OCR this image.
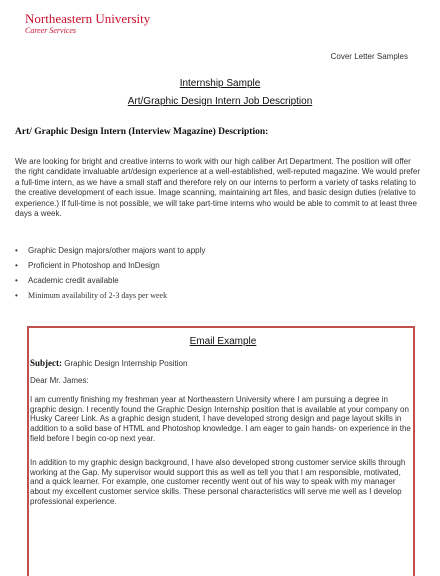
Northeastern University
Career Services
Cover Letter Samples
Internship Sample
Art/Graphic Design Intern Job Description
Art/ Graphic Design Intern (Interview Magazine) Description:

We are looking for bright and creative interns to work with our high caliber Art Department. The position will offer the right candidate invaluable art/design experience at a well-established, well-reputed magazine. We would prefer a full-time intern, as we have a small staff and therefore rely on our interns to perform a variety of tasks relating to the creative development of each issue. Image scanning, maintaining art files, and basic design duties (relative to experience.) If full-time is not possible, we will take part-time interns who would be able to commit to at least three days a week.

•	Graphic Design majors/other majors want to apply
•	Proficient in Photoshop and InDesign
•	Academic credit available
•	Minimum availability of 2-3 days per week
Email Example
Subject: Graphic Design Internship Position
Dear Mr. James:

I am currently finishing my freshman year at Northeastern University where I am pursuing a degree in graphic design. I recently found the Graphic Design Internship position that is available at your company on Husky Career Link. As a graphic design student, I have developed strong design and page layout skills in addition to a solid base of HTML and Photoshop knowledge. I am eager to gain hands- on experience in the field before I begin co-op next year.

In addition to my graphic design background, I have also developed strong customer service skills through working at the Gap. My supervisor would support this as well as tell you that I am responsible, motivated, and a quick learner. For example, one customer recently went out of his way to speak with my manager about my excellent customer service skills. These personal characteristics will serve me well as I develop professional experience.
